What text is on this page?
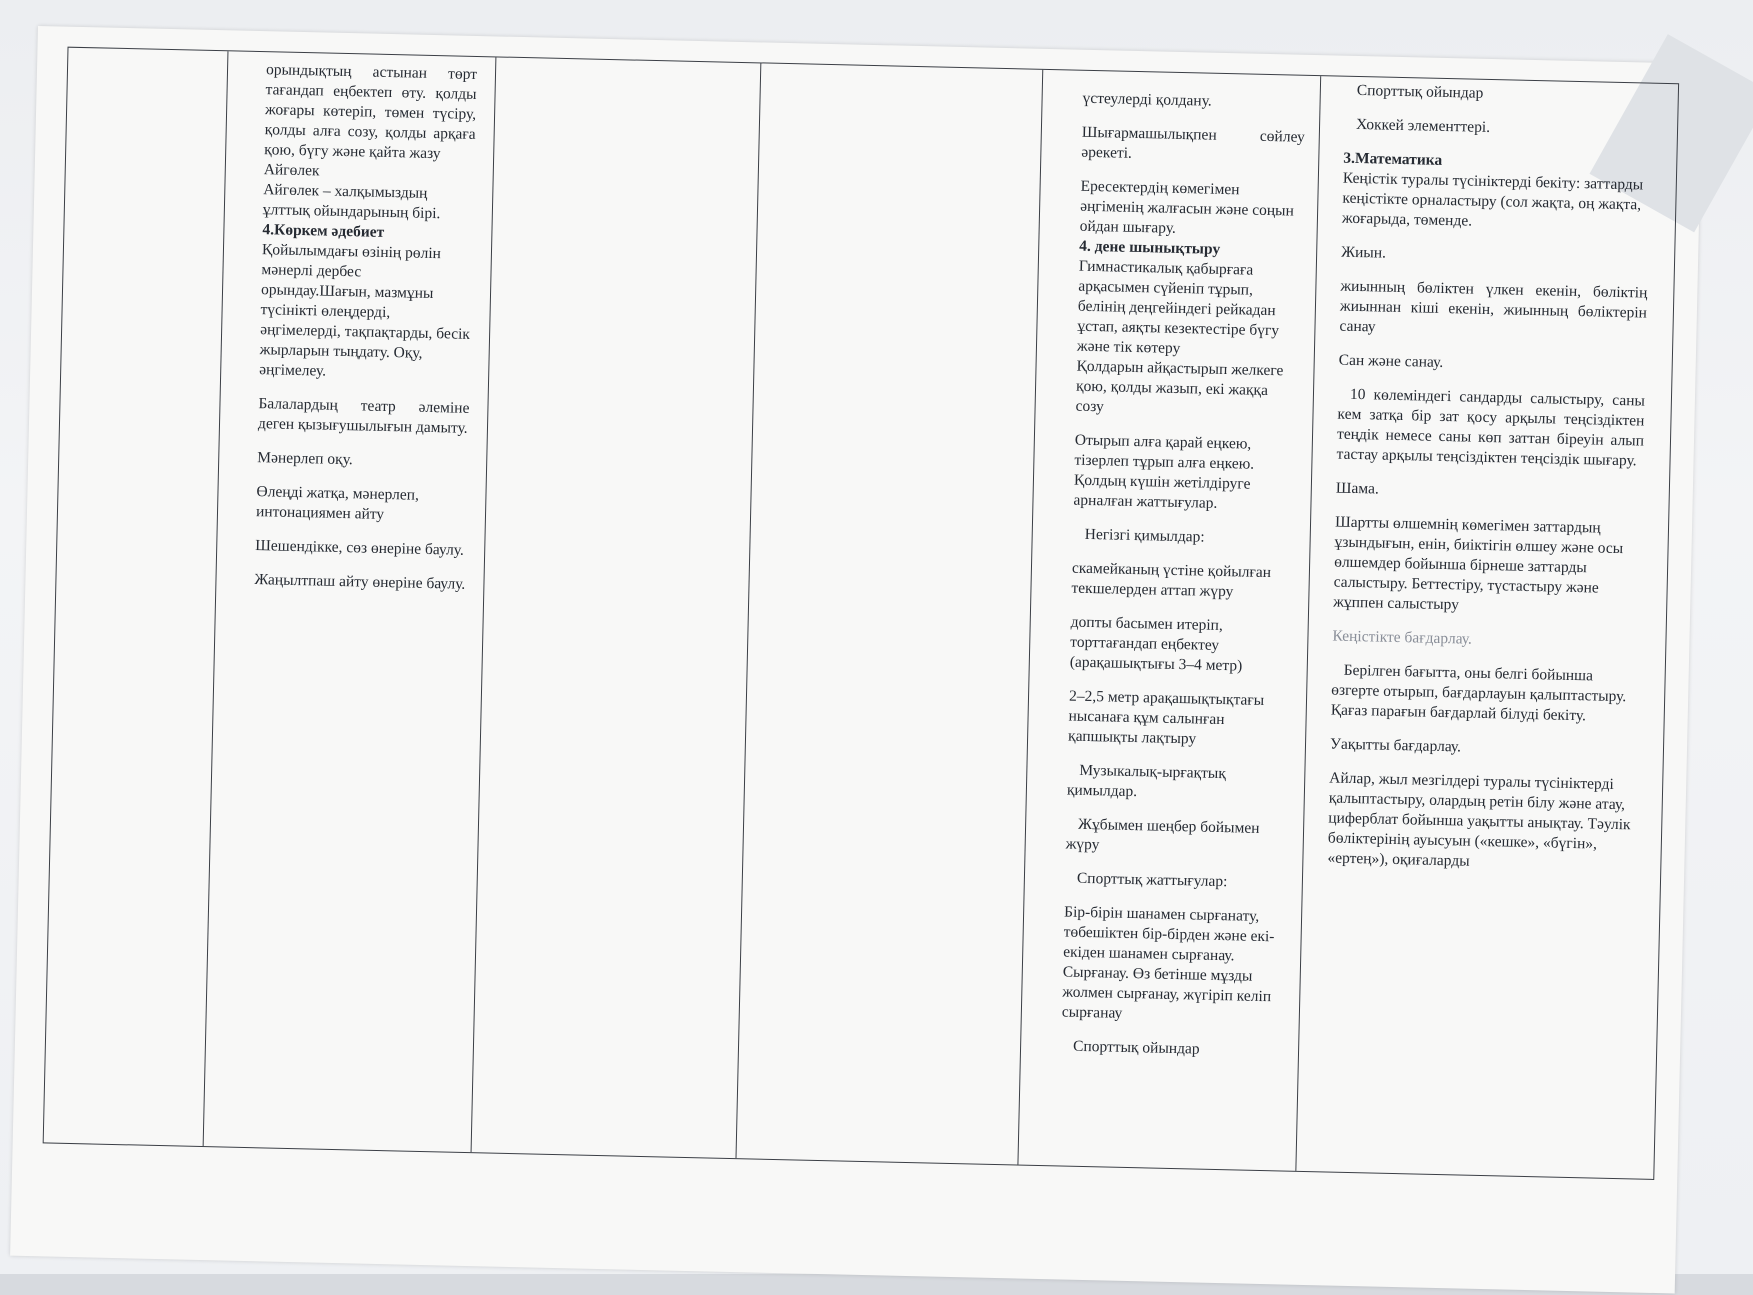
орындықтың астынан төрт тағандап еңбектеп өту. қолды жоғары көтеріп, төмен түсіру, қолды алға созу, қолды арқаға қою, бүгу және қайта жазу

Айгөлек

Айгөлек – халқымыздың ұлттық ойындарының бірі.

4.Көркем әдебиет

Қойылымдағы өзінің рөлін мәнерлі дербес

орындау.Шағын, мазмұны түсінікті өлеңдерді, әңгімелерді, тақпақтарды, бесік

жырларын тыңдату. Оқу, әңгімелеу.

Балалардың театр әлеміне деген қызығушылығын дамыту.

Мәнерлеп оқу.

Өлеңді жатқа, мәнерлеп, интонациямен айту

Шешендікке, сөз өнеріне баулу.

Жаңылтпаш айту өнеріне баулу.

үстеулерді қолдану.

Шығармашылықпен сөйлеу әрекеті.

Ересектердің көмегімен әңгіменің жалғасын және соңын ойдан шығару.

4. дене шынықтыру

Гимнастикалық қабырғаға арқасымен сүйеніп тұрып, белінің деңгейіндегі рейкадан ұстап, аяқты кезектестіре бүгу және тік көтеру

Қолдарын айқастырып желкеге қою, қолды жазып, екі жаққа созу

Отырып алға қарай еңкею, тізерлеп тұрып алға еңкею. Қолдың күшін жетілдіруге арналған жаттығулар.

Негізгі қимылдар:

скамейканың үстіне қойылған текшелерден аттап жүру

допты басымен итеріп, торттағандап еңбектеу (арақашықтығы 3–4 метр)

2–2,5 метр арақашықтықтағы нысанаға құм салынған қапшықты лақтыру

Музыкалық-ырғақтық қимылдар.

Жұбымен шеңбер бойымен жүру

Спорттық жаттығулар:

Бір-бірін шанамен сырғанату, төбешіктен бір-бірден және екі-екіден шанамен сырғанау. Сырғанау. Өз бетінше мұзды жолмен сырғанау, жүгіріп келіп сырғанау

Спорттық ойындар

Спорттық ойындар

Хоккей элементтері.

3.Математика

Кеңістік туралы түсініктерді бекіту: заттарды кеңістікте орналастыру (сол жақта, оң жақта, жоғарыда, төменде.

Жиын.

жиынның бөліктен үлкен екенін, бөліктің жиыннан кіші екенін, жиынның бөліктерін санау

Сан және санау.

10 көлеміндегі сандарды салыстыру, саны кем затқа бір зат қосу арқылы теңсіздіктен теңдік немесе саны көп заттан біреуін алып тастау арқылы теңсіздіктен теңсіздік шығару.

Шама.

Шартты өлшемнің көмегімен заттардың ұзындығын, енін, биіктігін өлшеу және осы өлшемдер бойынша бірнеше заттарды салыстыру. Беттестіру, түстастыру және жұппен салыстыру

Кеңістікте бағдарлау.

Берілген бағытта, оны белгі бойынша өзгерте отырып, бағдарлауын қалыптастыру. Қағаз парағын бағдарлай білуді бекіту.

Уақытты бағдарлау.

Айлар, жыл мезгілдері туралы түсініктерді қалыптастыру, олардың ретін білу және атау, циферблат бойынша уақытты анықтау. Тәулік бөліктерінің ауысуын («кешке», «бүгін», «ертең»), оқиғаларды
